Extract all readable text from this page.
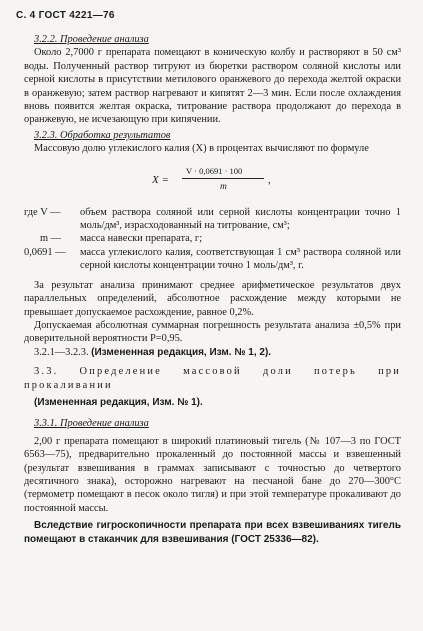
С. 4 ГОСТ 4221—76

3.2.2. Проведение анализа

Около 2,7000 г препарата помещают в коническую колбу и растворяют в 50 см³ воды. Полученный раствор титруют из бюретки раствором соляной кислоты или серной кислоты в присутствии метилового оранжевого до перехода желтой окраски в оранжевую; затем раствор нагревают и кипятят 2—3 мин. Если после охлаждения вновь появится желтая окраска, титрование раствора продолжают до перехода в оранжевую, не исчезающую при кипячении.

3.2.3. Обработка результатов

Массовую долю углекислого калия (X) в процентах вычисляют по формуле

X =
V · 0,0691 · 100
m
,
где V —	объем раствора соляной или серной кислоты концентрации точно 1 моль/дм³, израсходованный на титрование, см³;
m —	масса навески препарата, г;
0,0691 —	масса углекислого калия, соответствующая 1 см³ раствора соляной или серной кислоты концентрации точно 1 моль/дм³, г.

За результат анализа принимают среднее арифметическое результатов двух параллельных определений, абсолютное расхождение между которыми не превышает допускаемое расхождение, равное 0,2%.

Допускаемая абсолютная суммарная погрешность результата анализа ±0,5% при доверительной вероятности P=0,95.

3.2.1—3.2.3. (Измененная редакция, Изм. № 1, 2).

3.3. Определение массовой доли потерь при прокаливании

(Измененная редакция, Изм. № 1).

3.3.1. Проведение анализа

2,00 г препарата помещают в широкий платиновый тигель (№ 107—3 по ГОСТ 6563—75), предварительно прокаленный до постоянной массы и взвешенный (результат взвешивания в граммах записывают с точностью до четвертого десятичного знака), осторожно нагревают на песчаной бане до 270—300°С (термометр помещают в песок около тигля) и при этой температуре прокаливают до постоянной массы.

Вследствие гигроскопичности препарата при всех взвешиваниях тигель помещают в стаканчик для взвешивания (ГОСТ 25336—82).
